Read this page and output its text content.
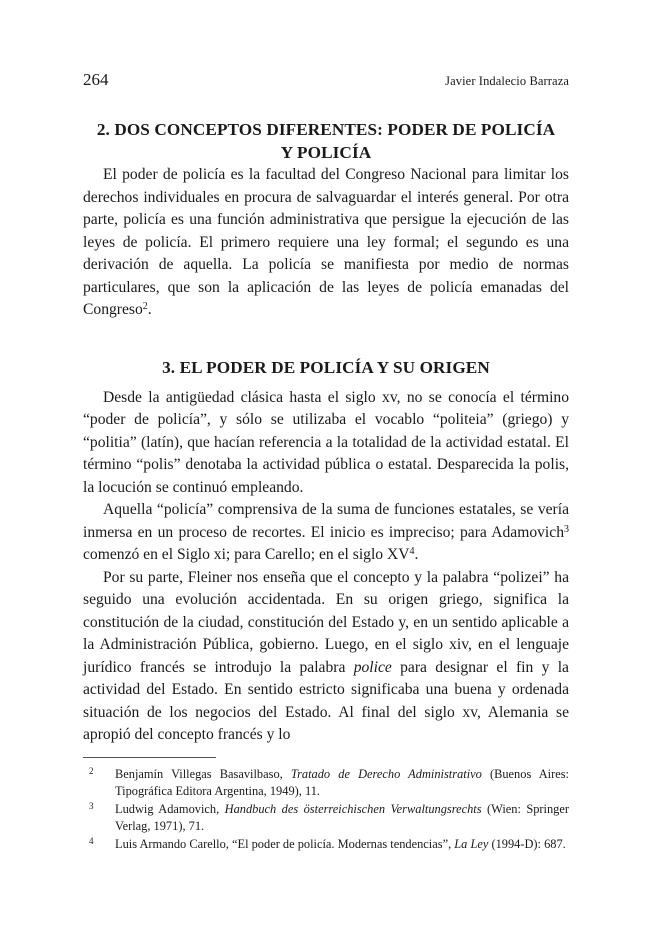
264	Javier Indalecio Barraza
2. DOS CONCEPTOS DIFERENTES: PODER DE POLICÍA
Y POLICÍA

El poder de policía es la facultad del Congreso Nacional para limitar los derechos individuales en procura de salvaguardar el interés general. Por otra parte, policía es una función administrativa que persigue la ejecución de las leyes de policía. El primero requiere una ley formal; el segundo es una derivación de aquella. La policía se manifiesta por medio de normas particulares, que son la aplicación de las leyes de policía emanadas del Congreso$^2$.

3. EL PODER DE POLICÍA Y SU ORIGEN

Desde la antigüedad clásica hasta el siglo xv, no se conocía el término “poder de policía”, y sólo se utilizaba el vocablo “politeia” (griego) y “politia” (latín), que hacían referencia a la totalidad de la actividad estatal. El término “polis” denotaba la actividad pública o estatal. Desparecida la polis, la locución se continuó empleando.

Aquella “policía” comprensiva de la suma de funciones estatales, se vería inmersa en un proceso de recortes. El inicio es impreciso; para Adamovich$^3$ comenzó en el Siglo xi; para Carello; en el siglo $XV^4$.

Por su parte, Fleiner nos enseña que el concepto y la palabra “polizei” ha seguido una evolución accidentada. En su origen griego, significa la constitución de la ciudad, constitución del Estado y, en un sentido aplicable a la Administración Pública, gobierno. Luego, en el siglo xiv, en el lenguaje jurídico francés se introdujo la palabra police para designar el fin y la actividad del Estado. En sentido estricto significaba una buena y ordenada situación de los negocios del Estado. Al final del siglo xv, Alemania se apropió del concepto francés y lo

2	Benjamín Villegas Basavilbaso, Tratado de Derecho Administrativo (Buenos Aires: Tipográfica Editora Argentina, 1949), 11.
3	Ludwig Adamovich, Handbuch des österreichischen Verwaltungsrechts (Wien: Springer Verlag, 1971), 71.
4	Luis Armando Carello, “El poder de policía. Modernas tendencias”, La Ley (1994-D): 687.
